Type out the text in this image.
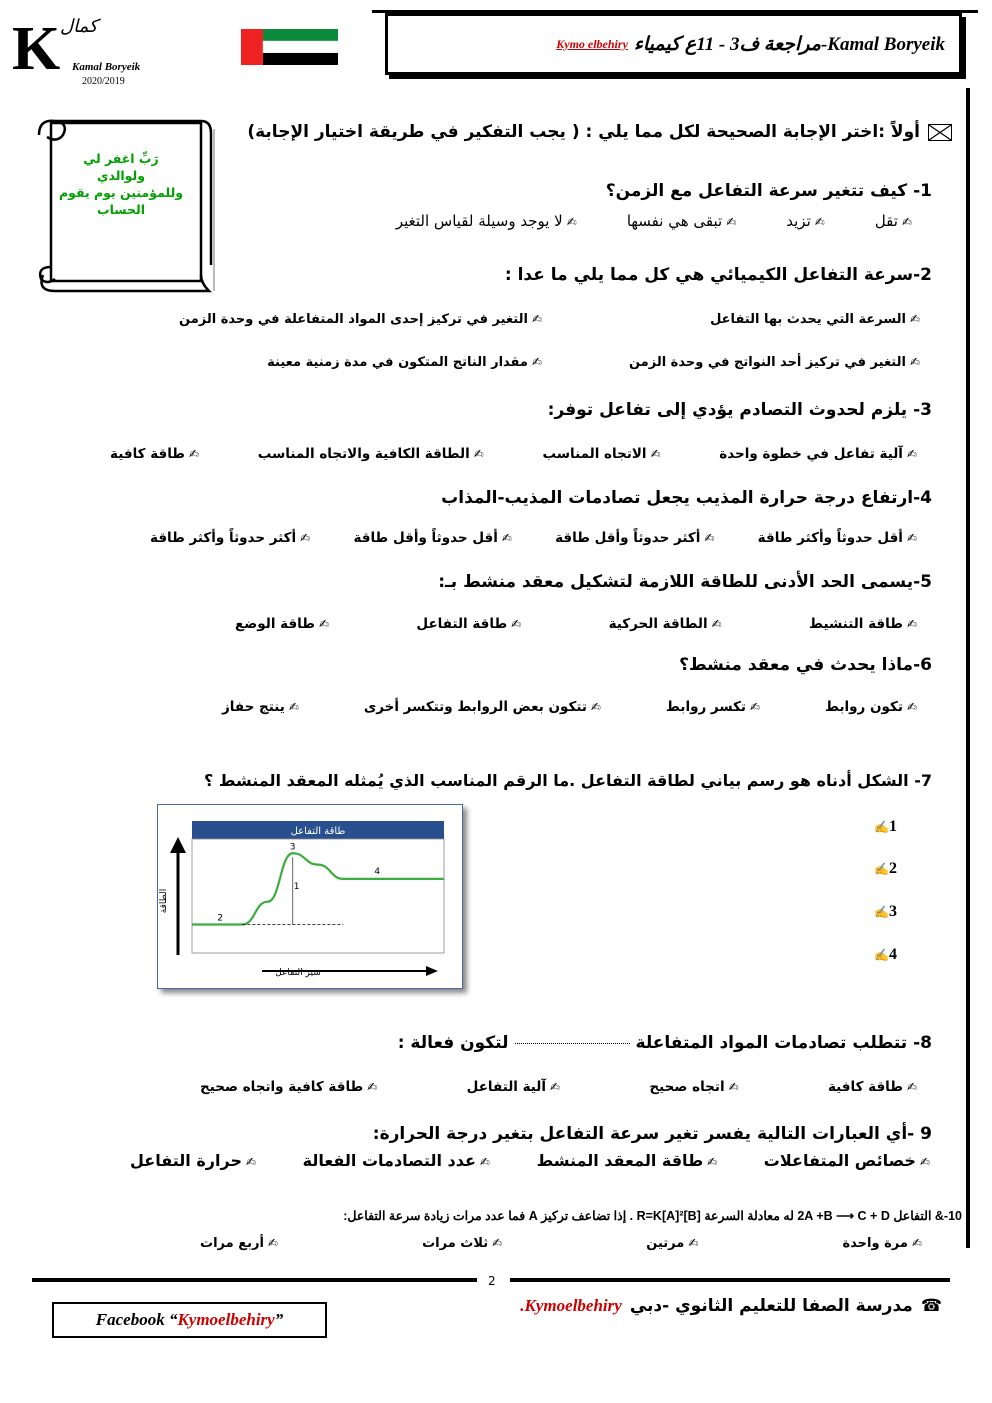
K كمال
Kamal Boryeik
2020/2019
Kymo elbehiry Kamal Boryeik-مراجعة ف3 - 11ع كيمياء
رَبِّ اغفر لي
ولوالدي
وللمؤمنين يوم يقوم
الحساب
أولاً :اختر الإجابة الصحيحة لكل مما يلي : ( يجب التفكير في طريقة اختيار الإجابة)
1- كيف تتغير سرعة التفاعل مع الزمن؟
✍تقل
✍تزيد
✍تبقى هي نفسها
✍لا يوجد وسيلة لقياس التغير
2-سرعة التفاعل الكيميائي هي كل مما يلي ما عدا :
✍السرعة التي يحدث بها التفاعل
✍التغير في تركيز إحدى المواد المتفاعلة في وحدة الزمن
✍التغير في تركيز أحد النواتج في وحدة الزمن
✍مقدار الناتج المتكون في مدة زمنية معينة
3- يلزم لحدوث التصادم يؤدي إلى تفاعل توفر:
✍آلية تفاعل في خطوة واحدة
✍الاتجاه المناسب
✍الطاقة الكافية والاتجاه المناسب
✍طاقة كافية
4-ارتفاع درجة حرارة المذيب يجعل تصادمات المذيب-المذاب
✍أقل حدوثاً وأكثر طاقة
✍أكثر حدوثاً وأقل طاقة
✍أقل حدوثاً وأقل طاقة
✍أكثر حدوثاً وأكثر طاقة
5-يسمى الحد الأدنى للطاقة اللازمة لتشكيل معقد منشط بـ:
✍طاقة التنشيط
✍الطاقة الحركية
✍طاقة التفاعل
✍طاقة الوضع
6-ماذا يحدث في معقد منشط؟
✍تكون روابط
✍تكسر روابط
✍تتكون بعض الروابط وتتكسر أخرى
✍ينتج حفاز
7- الشكل أدناه هو رسم بياني لطاقة التفاعل .ما الرقم المناسب الذي يُمثله المعقد المنشط ؟
طاقة التفاعل
الطاقة
سير التفاعل
1
2
3
4
✍1
✍2
✍3
✍4
8- تتطلب تصادمات المواد المتفاعلةلتكون فعالة :
✍طاقة كافية
✍اتجاه صحيح
✍آلية التفاعل
✍طاقة كافية واتجاه صحيح
9 -أي العبارات التالية يفسر تغير سرعة التفاعل بتغير درجة الحرارة:
✍خصائص المتفاعلات
✍طاقة المعقد المنشط
✍عدد التصادمات الفعالة
✍حرارة التفاعل
10-& التفاعل 2A +B ⟶ C + D له معادلة السرعة R=K[A]²[B] . إذا تضاعف تركيز A فما عدد مرات زيادة سرعة التفاعل:
✍مرة واحدة
✍مرتين
✍ثلاث مرات
✍أربع مرات
2
Facebook “ Kymoelbehiry ”
☎
مدرسة الصفا للتعليم الثانوي -دبي
Kymoelbehiry.
